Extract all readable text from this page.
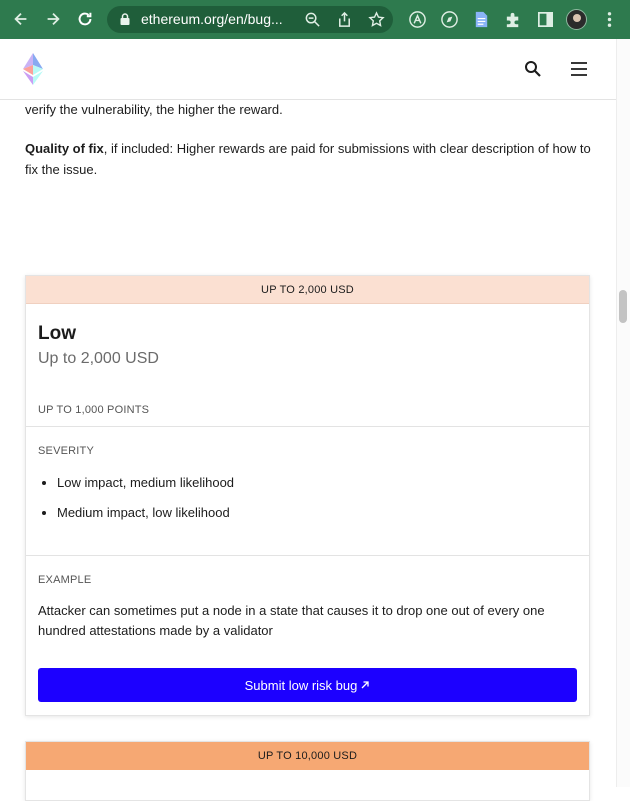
ethereum.org/en/bug...

verify the vulnerability, the higher the reward.

Quality of fix, if included: Higher rewards are paid for submissions with clear description of how to fix the issue.

UP TO 2,000 USD
Low
Up to 2,000 USD
UP TO 1,000 POINTS
SEVERITY
• Low impact, medium likelihood
• Medium impact, low likelihood
EXAMPLE
Attacker can sometimes put a node in a state that causes it to drop one out of every one hundred attestations made by a validator
Submit low risk bug
UP TO 10,000 USD
